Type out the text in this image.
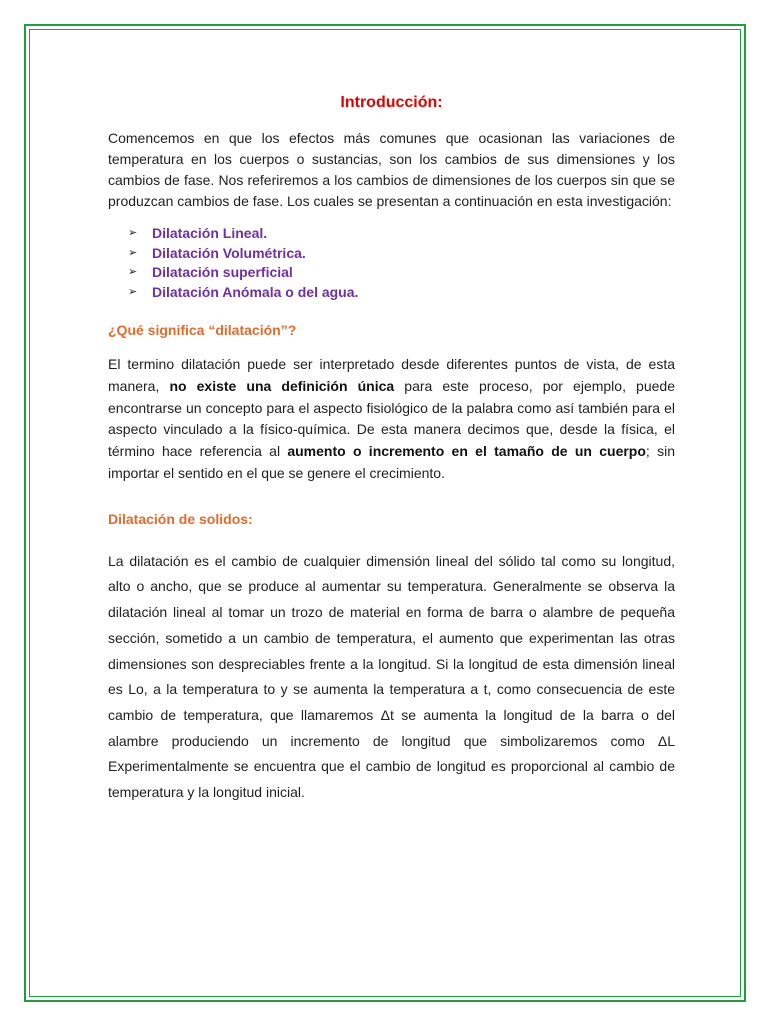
Introducción:

Comencemos en que los efectos más comunes que ocasionan las variaciones de temperatura en los cuerpos o sustancias, son los cambios de sus dimensiones y los cambios de fase. Nos referiremos a los cambios de dimensiones de los cuerpos sin que se produzcan cambios de fase. Los cuales se presentan a continuación en esta investigación:

➢	Dilatación Lineal.
➢	Dilatación Volumétrica.
➢	Dilatación superficial
➢	Dilatación Anómala o del agua.
¿Qué significa “dilatación”?

El termino dilatación puede ser interpretado desde diferentes puntos de vista, de esta manera, no existe una definición única para este proceso, por ejemplo, puede encontrarse un concepto para el aspecto fisiológico de la palabra como así también para el aspecto vinculado a la físico-química. De esta manera decimos que, desde la física, el término hace referencia al aumento o incremento en el tamaño de un cuerpo; sin importar el sentido en el que se genere el crecimiento.

Dilatación de solidos:

La dilatación es el cambio de cualquier dimensión lineal del sólido tal como su longitud, alto o ancho, que se produce al aumentar su temperatura. Generalmente se observa la dilatación lineal al tomar un trozo de material en forma de barra o alambre de pequeña sección, sometido a un cambio de temperatura, el aumento que experimentan las otras dimensiones son despreciables frente a la longitud. Si la longitud de esta dimensión lineal es Lo, a la temperatura to y se aumenta la temperatura a t, como consecuencia de este cambio de temperatura, que llamaremos Δt se aumenta la longitud de la barra o del alambre produciendo un incremento de longitud que simbolizaremos como ΔL Experimentalmente se encuentra que el cambio de longitud es proporcional al cambio de temperatura y la longitud inicial.
